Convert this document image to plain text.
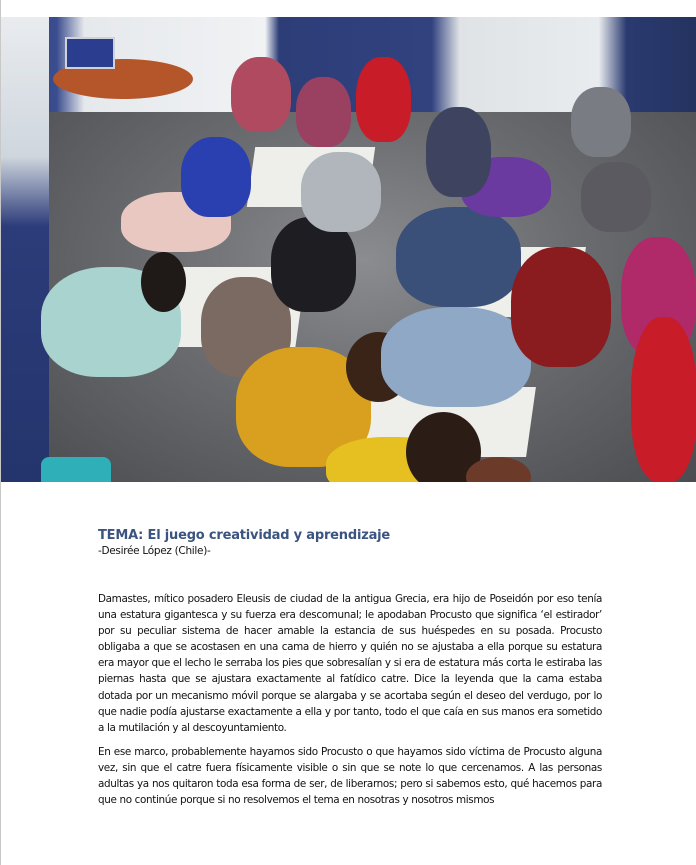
TEMA: El juego creatividad y aprendizaje

-Desirée López (Chile)-

Damastes, mítico posadero Eleusis de ciudad de la antigua Grecia, era hijo de Poseidón por eso tenía una estatura gigantesca y su fuerza era descomunal; le apodaban Procusto que significa ‘el estirador’ por su peculiar sistema de hacer amable la estancia de sus huéspedes en su posada. Procusto obligaba a que se acostasen en una cama de hierro y quién no se ajustaba a ella porque su estatura era mayor que el lecho le serraba los pies que sobresalían y si era de estatura más corta le estiraba las piernas hasta que se ajustara exactamente al fatídico catre. Dice la leyenda que la cama estaba dotada por un mecanismo móvil porque se alargaba y se acortaba según el deseo del verdugo, por lo que nadie podía ajustarse exactamente a ella y por tanto, todo el que caía en sus manos era sometido a la mutilación y al descoyuntamiento.

En ese marco, probablemente hayamos sido Procusto o que hayamos sido víctima de Procusto alguna vez, sin que el catre fuera físicamente visible o sin que se note lo que cercenamos. A las personas adultas ya nos quitaron toda esa forma de ser, de liberarnos; pero si sabemos esto, qué hacemos para que no continúe porque si no resolvemos el tema en nosotras y nosotros mismos
